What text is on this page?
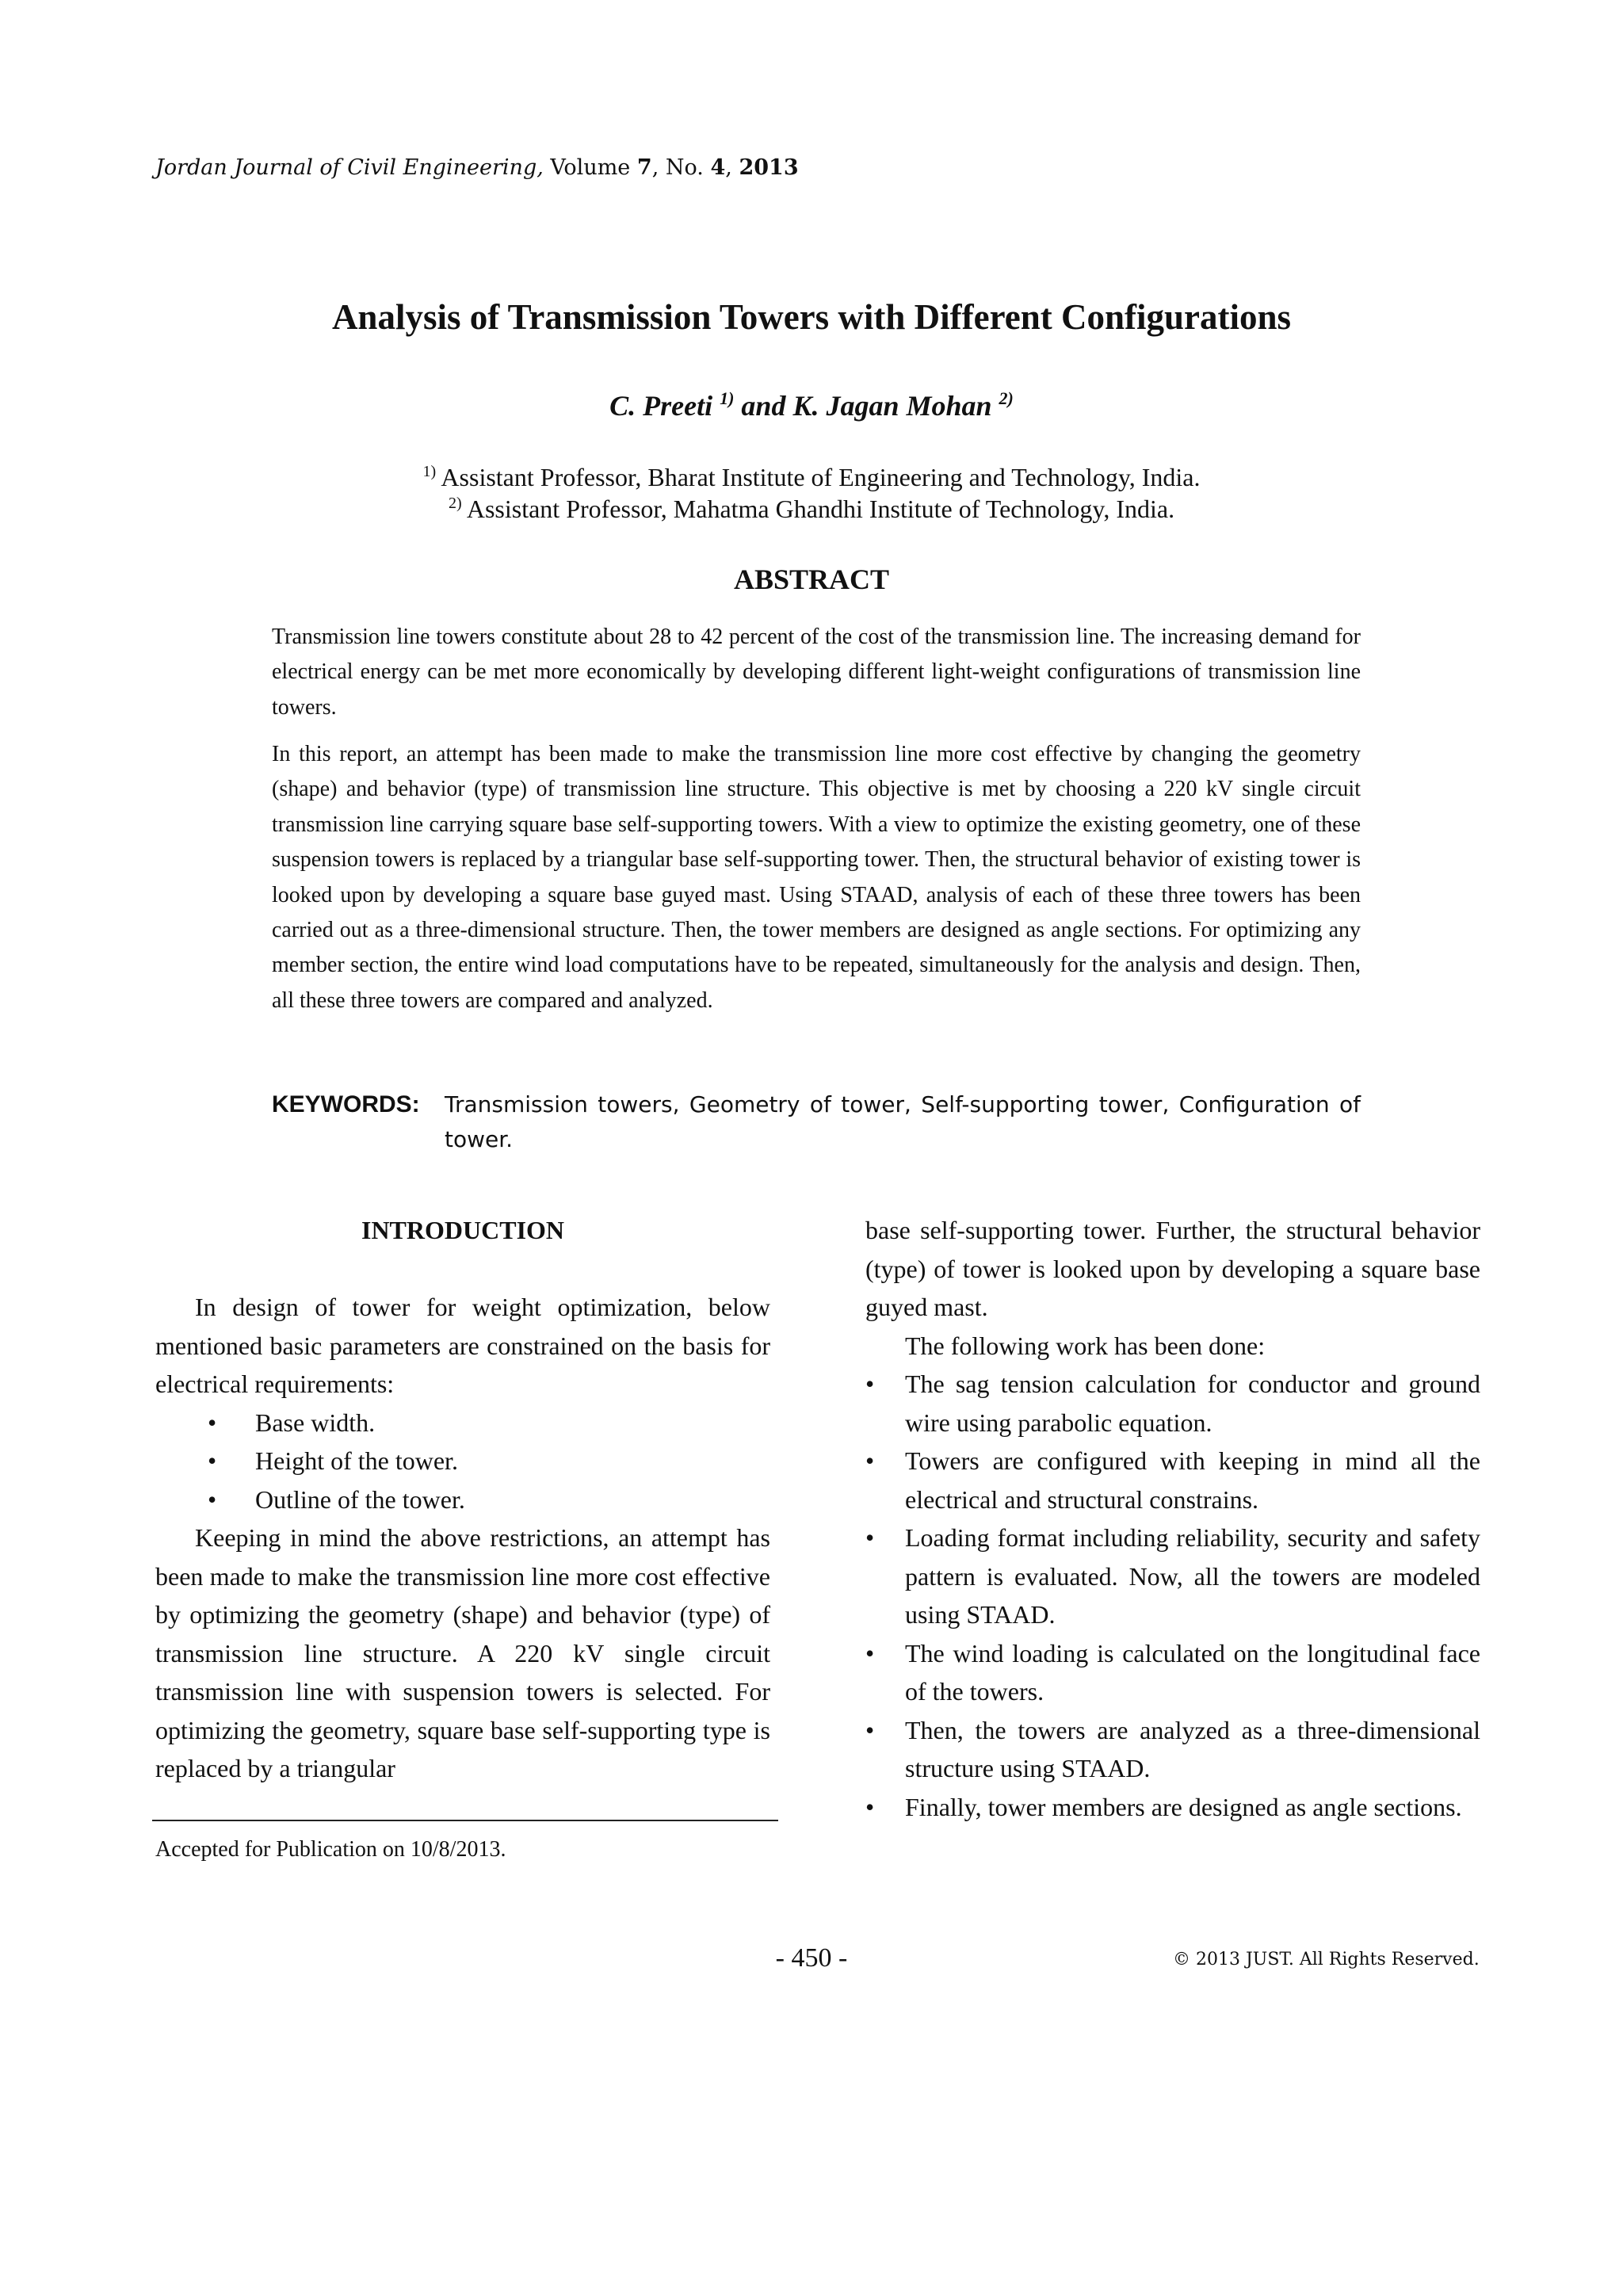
Jordan Journal of Civil Engineering, Volume 7, No. 4, 2013
Analysis of Transmission Towers with Different Configurations
C. Preeti $^{1)}$ and K. Jagan Mohan $^{2)}$
$^{1)}$ Assistant Professor, Bharat Institute of Engineering and Technology, India.
$^{2)}$ Assistant Professor, Mahatma Ghandhi Institute of Technology, India.
ABSTRACT

Transmission line towers constitute about 28 to 42 percent of the cost of the transmission line. The increasing demand for electrical energy can be met more economically by developing different light-weight configurations of transmission line towers.

In this report, an attempt has been made to make the transmission line more cost effective by changing the geometry (shape) and behavior (type) of transmission line structure. This objective is met by choosing a 220 kV single circuit transmission line carrying square base self-supporting towers. With a view to optimize the existing geometry, one of these suspension towers is replaced by a triangular base self-supporting tower. Then, the structural behavior of existing tower is looked upon by developing a square base guyed mast. Using STAAD, analysis of each of these three towers has been carried out as a three-dimensional structure. Then, the tower members are designed as angle sections. For optimizing any member section, the entire wind load computations have to be repeated, simultaneously for the analysis and design. Then, all these three towers are compared and analyzed.

KEYWORDS: Transmission towers, Geometry of tower, Self-supporting tower, Configuration of tower.
INTRODUCTION

In design of tower for weight optimization, below mentioned basic parameters are constrained on the basis for electrical requirements:

• Base width.
• Height of the tower.
• Outline of the tower.

Keeping in mind the above restrictions, an attempt has been made to make the transmission line more cost effective by optimizing the geometry (shape) and behavior (type) of transmission line structure. A 220 kV single circuit transmission line with suspension towers is selected. For optimizing the geometry, square base self-supporting type is replaced by a triangular

base self-supporting tower. Further, the structural behavior (type) of tower is looked upon by developing a square base guyed mast.

The following work has been done:

• The sag tension calculation for conductor and ground wire using parabolic equation.
• Towers are configured with keeping in mind all the electrical and structural constrains.
• Loading format including reliability, security and safety pattern is evaluated. Now, all the towers are modeled using STAAD.
• The wind loading is calculated on the longitudinal face of the towers.
• Then, the towers are analyzed as a three-dimensional structure using STAAD.
• Finally, tower members are designed as angle sections.
Accepted for Publication on 10/8/2013.
- 450 -	© 2013 JUST. All Rights Reserved.
